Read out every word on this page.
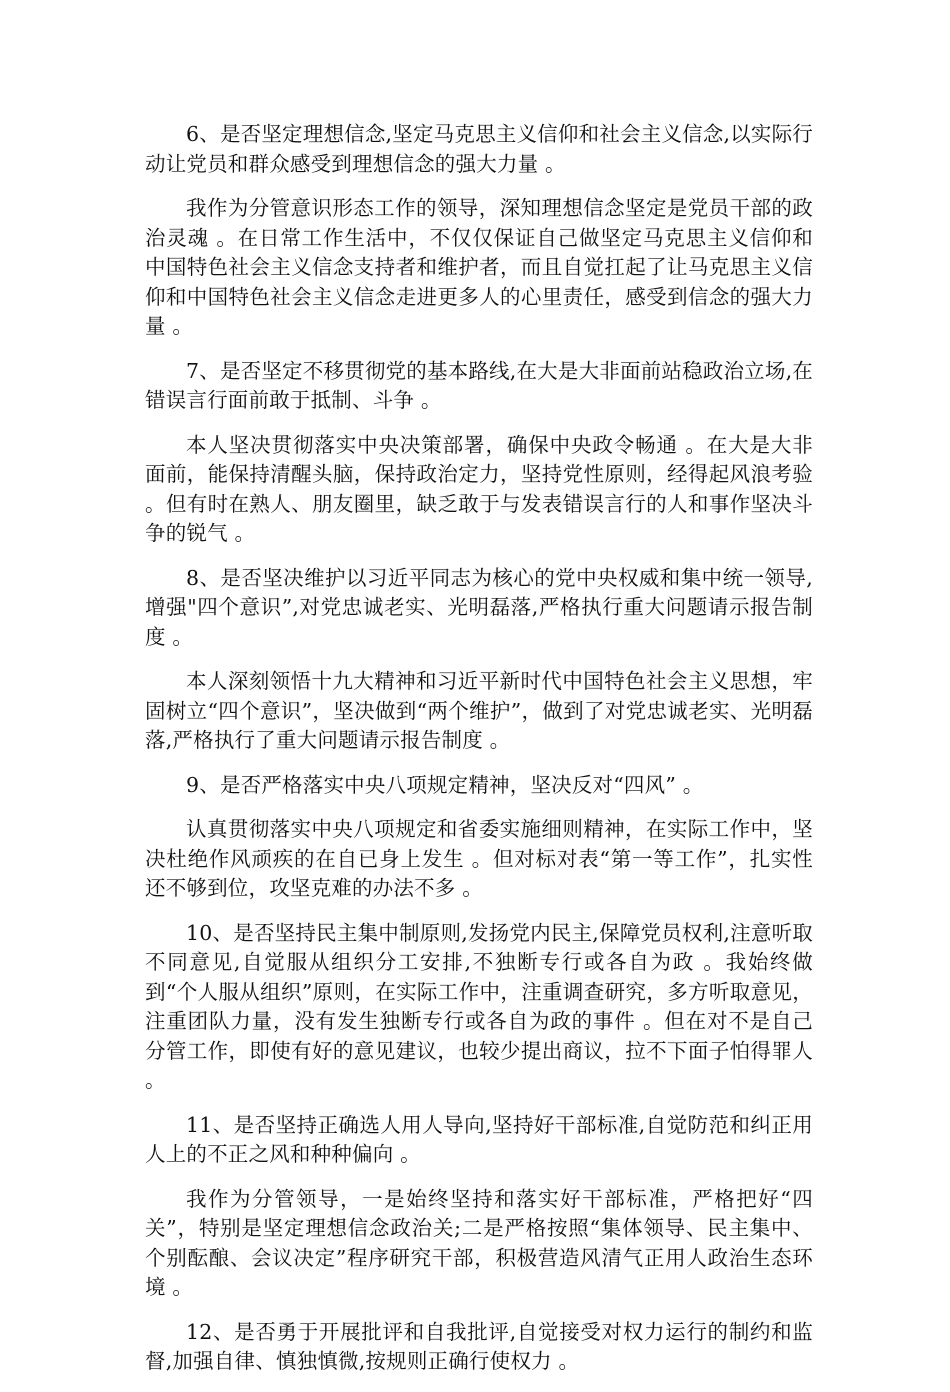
6、是否坚定理想信念,坚定马克思主义信仰和社会主义信念,以实际行动让党员和群众感受到理想信念的强大力量 。

我作为分管意识形态工作的领导，深知理想信念坚定是党员干部的政治灵魂 。在日常工作生活中，不仅仅保证自己做坚定马克思主义信仰和中国特色社会主义信念支持者和维护者，而且自觉扛起了让马克思主义信仰和中国特色社会主义信念走进更多人的心里责任，感受到信念的强大力量 。

7、是否坚定不移贯彻党的基本路线,在大是大非面前站稳政治立场,在错误言行面前敢于抵制、斗争 。

本人坚决贯彻落实中央决策部署，确保中央政令畅通 。在大是大非面前，能保持清醒头脑，保持政治定力，坚持党性原则，经得起风浪考验 。但有时在熟人、朋友圈里，缺乏敢于与发表错误言行的人和事作坚决斗争的锐气 。

8、是否坚决维护以习近平同志为核心的党中央权威和集中统一领导,增强"四个意识”,对党忠诚老实、光明磊落,严格执行重大问题请示报告制度 。

本人深刻领悟十九大精神和习近平新时代中国特色社会主义思想，牢固树立“四个意识”，坚决做到“两个维护”，做到了对党忠诚老实、光明磊落,严格执行了重大问题请示报告制度 。

9、是否严格落实中央八项规定精神，坚决反对“四风” 。

认真贯彻落实中央八项规定和省委实施细则精神，在实际工作中，坚决杜绝作风顽疾的在自已身上发生 。但对标对表“第一等工作”，扎实性还不够到位，攻坚克难的办法不多 。

10、是否坚持民主集中制原则,发扬党内民主,保障党员权利,注意听取不同意见,自觉服从组织分工安排,不独断专行或各自为政 。我始终做到“个人服从组织”原则，在实际工作中，注重调查研究，多方听取意见，注重团队力量，没有发生独断专行或各自为政的事件 。但在对不是自己分管工作，即使有好的意见建议，也较少提出商议，拉不下面子怕得罪人 。

11、是否坚持正确选人用人导向,坚持好干部标准,自觉防范和纠正用人上的不正之风和种种偏向 。

我作为分管领导，一是始终坚持和落实好干部标准，严格把好“四关”，特别是坚定理想信念政治关;二是严格按照“集体领导、民主集中、个别酝酿、会议决定”程序研究干部，积极营造风清气正用人政治生态环境 。

12、是否勇于开展批评和自我批评,自觉接受对权力运行的制约和监督,加强自律、慎独慎微,按规则正确行使权力 。
